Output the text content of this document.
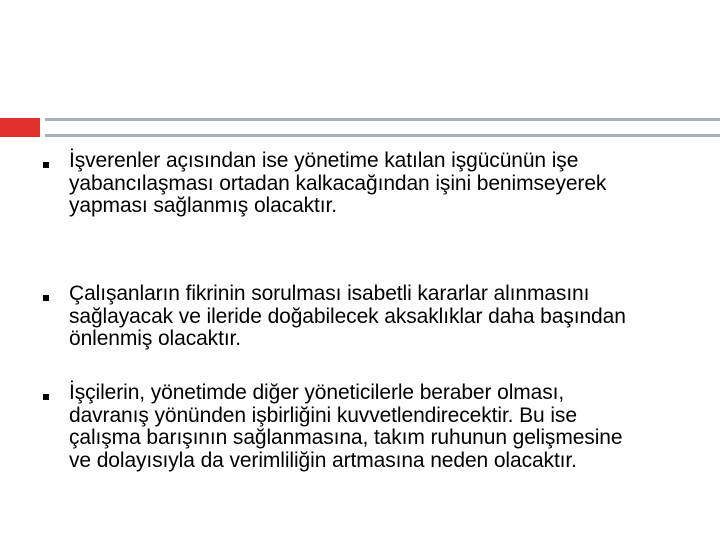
İşverenler açısından ise yönetime katılan işgücünün işe yabancılaşması ortadan kalkacağından işini benimseyerek yapması sağlanmış olacaktır.

Çalışanların fikrinin sorulması isabetli kararlar alınmasını sağlayacak ve ileride doğabilecek aksaklıklar daha başından önlenmiş olacaktır.

İşçilerin, yönetimde diğer yöneticilerle beraber olması, davranış yönünden işbirliğini kuvvetlendirecektir. Bu ise çalışma barışının sağlanmasına, takım ruhunun gelişmesine ve dolayısıyla da verimliliğin artmasına neden olacaktır.
